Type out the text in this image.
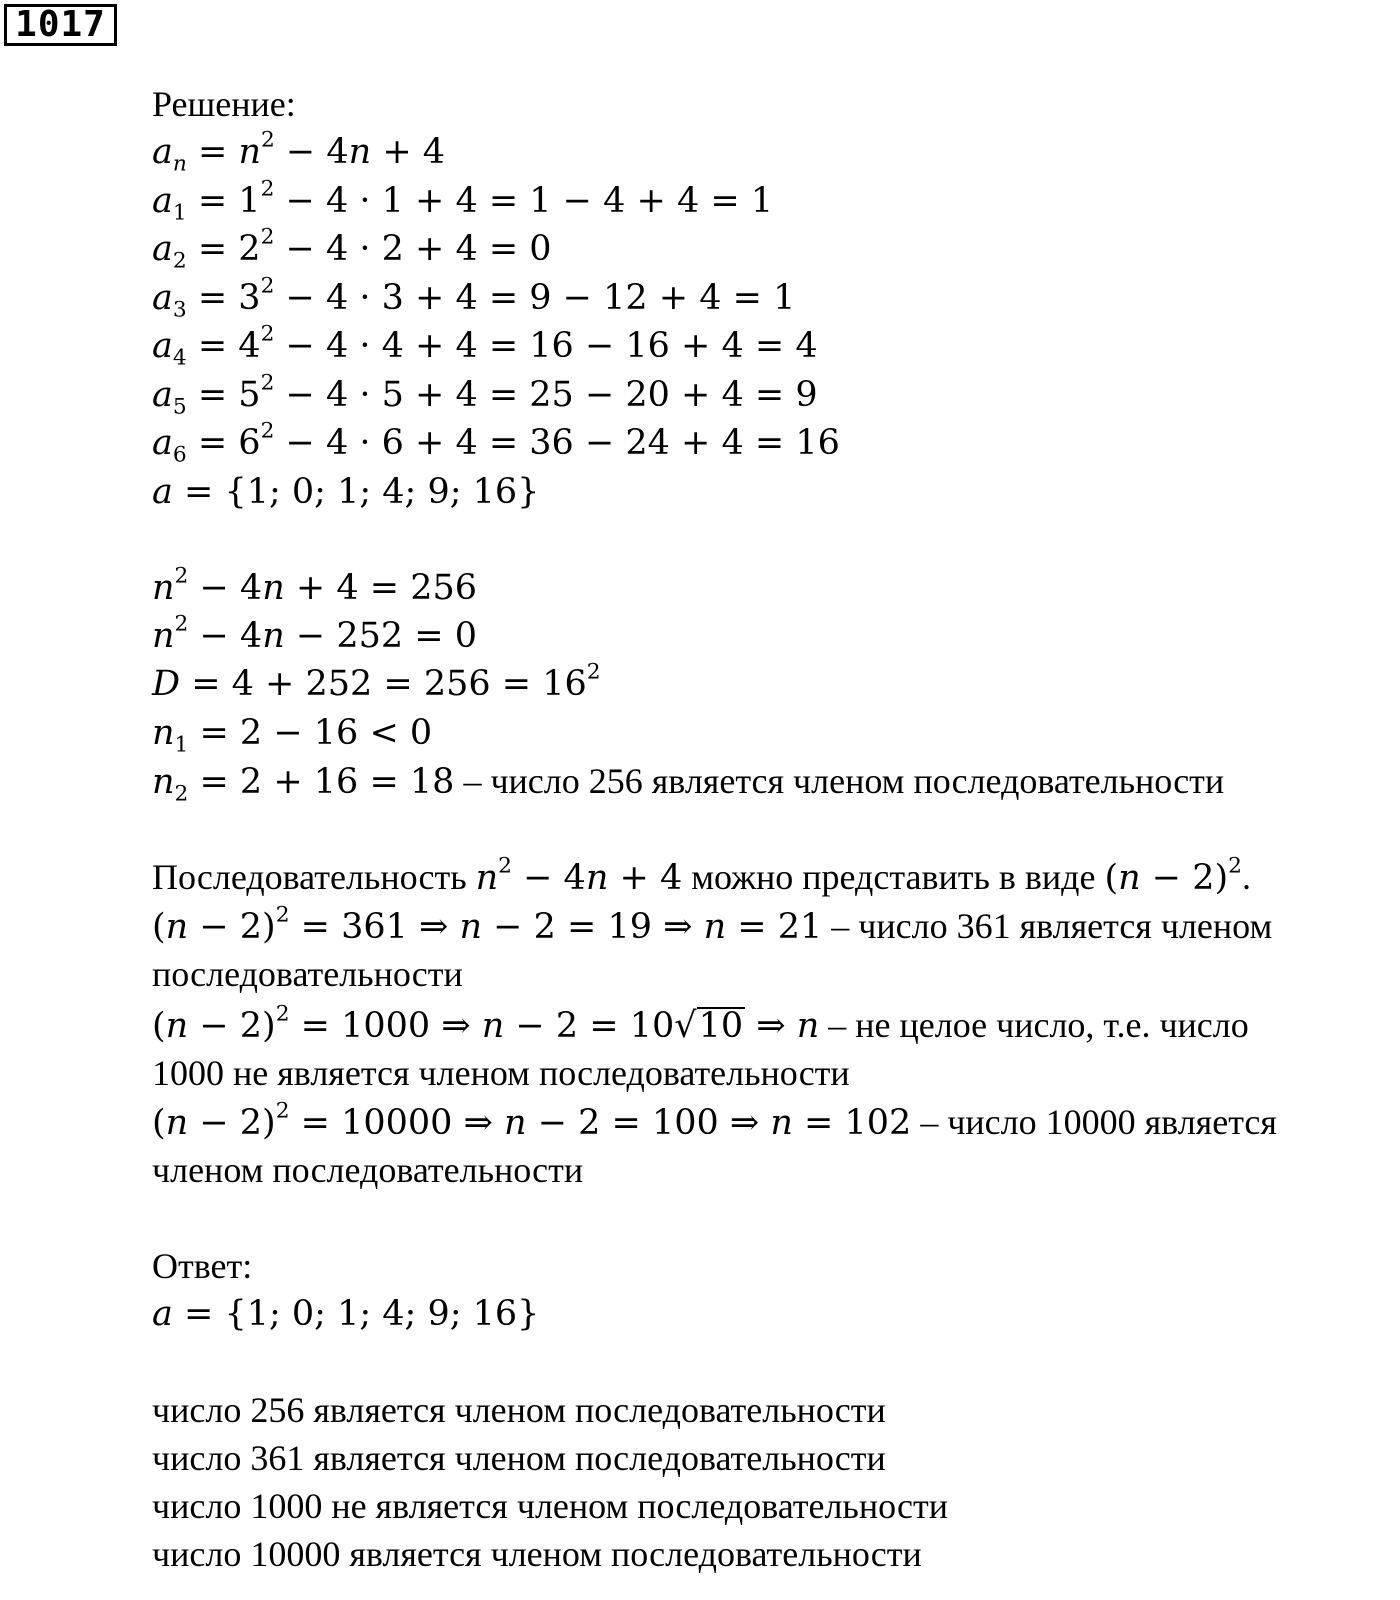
1017
Решение:
$a_n = n^2 - 4n + 4$
$a_1 = 1^2 - 4 \cdot 1 + 4 = 1 - 4 + 4 = 1$
$a_2 = 2^2 - 4 \cdot 2 + 4 = 0$
$a_3 = 3^2 - 4 \cdot 3 + 4 = 9 - 12 + 4 = 1$
$a_4 = 4^2 - 4 \cdot 4 + 4 = 16 - 16 + 4 = 4$
$a_5 = 5^2 - 4 \cdot 5 + 4 = 25 - 20 + 4 = 9$
$a_6 = 6^2 - 4 \cdot 6 + 4 = 36 - 24 + 4 = 16$
a = {1; 0; 1; 4; 9; 16}
$n^2 - 4n + 4 = 256$
$n^2 - 4n - 252 = 0$
$D = 4 + 252 = 256 = 16^2$
$n_1 = 2 - 16 < 0$
$n_2 = 2 + 16 = 18$ – число 256 является членом последовательности
Последовательность $n^2 - 4n + 4$ можно представить в виде $(n - 2)^2$.
$(n - 2)^2 = 361$ ⇒ n − 2 = 19 ⇒ n = 21 – число 361 является членом
последовательности
$(n - 2)^2 = 1000$ ⇒ n − 2 = 10√10 ⇒ n – не целое число, т.е. число
1000 не является членом последовательности
$(n - 2)^2 = 10000$ ⇒ n − 2 = 100 ⇒ n = 102 – число 10000 является
членом последовательности
Ответ:
a = {1; 0; 1; 4; 9; 16}
число 256 является членом последовательности
число 361 является членом последовательности
число 1000 не является членом последовательности
число 10000 является членом последовательности
